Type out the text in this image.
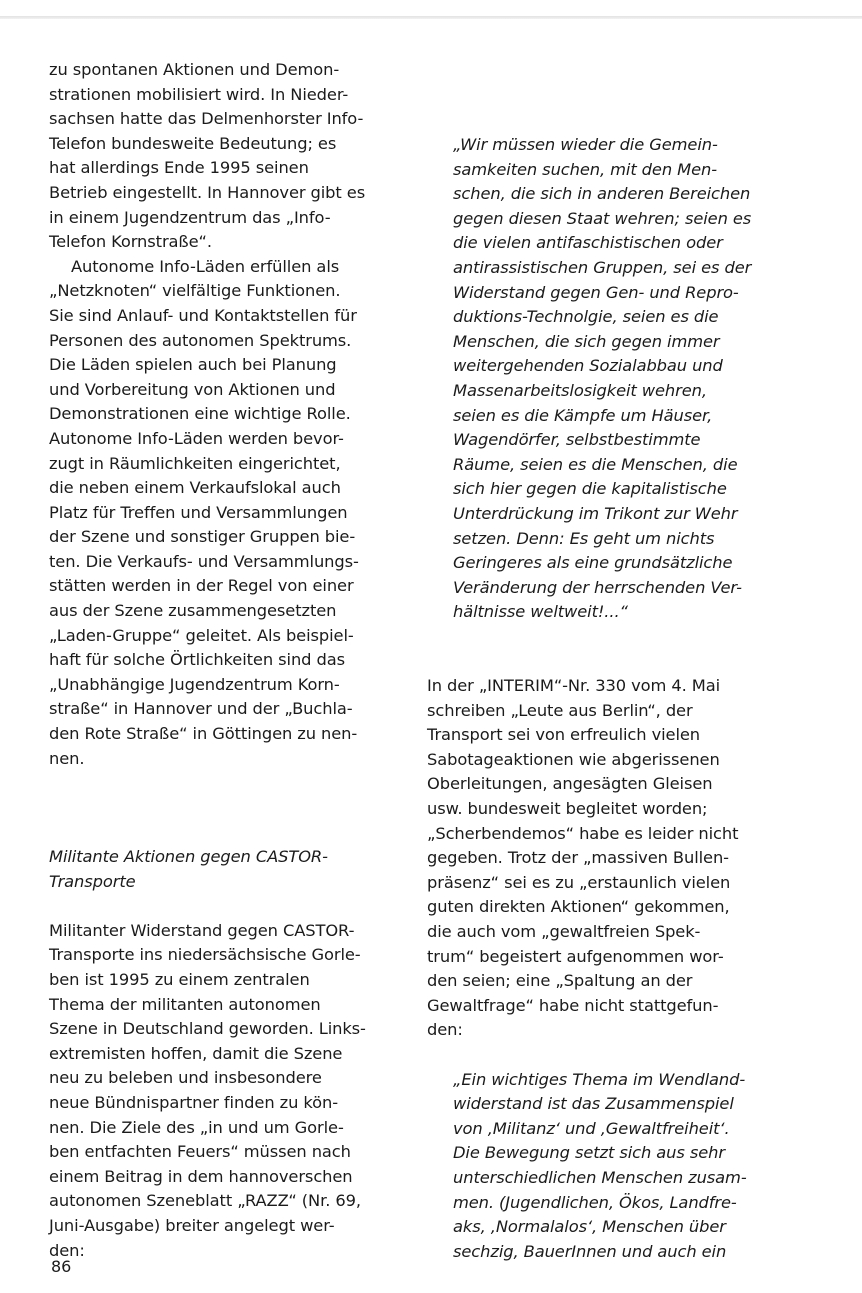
zu spontanen Aktionen und Demon-
strationen mobilisiert wird. In Nieder-
sachsen hatte das Delmenhorster Info-
Telefon bundesweite Bedeutung; es
hat allerdings Ende 1995 seinen
Betrieb eingestellt. In Hannover gibt es
in einem Jugendzentrum das „Info-
Telefon Kornstraße“.
Autonome Info-Läden erfüllen als
„Netzknoten“ vielfältige Funktionen.
Sie sind Anlauf- und Kontaktstellen für
Personen des autonomen Spektrums.
Die Läden spielen auch bei Planung
und Vorbereitung von Aktionen und
Demonstrationen eine wichtige Rolle.
Autonome Info-Läden werden bevor-
zugt in Räumlichkeiten eingerichtet,
die neben einem Verkaufslokal auch
Platz für Treffen und Versammlungen
der Szene und sonstiger Gruppen bie-
ten. Die Verkaufs- und Versammlungs-
stätten werden in der Regel von einer
aus der Szene zusammengesetzten
„Laden-Gruppe“ geleitet. Als beispiel-
haft für solche Örtlichkeiten sind das
„Unabhängige Jugendzentrum Korn-
straße“ in Hannover und der „Buchla-
den Rote Straße“ in Göttingen zu nen-
nen.
Militante Aktionen gegen CASTOR-
Transporte
Militanter Widerstand gegen CASTOR-
Transporte ins niedersächsische Gorle-
ben ist 1995 zu einem zentralen
Thema der militanten autonomen
Szene in Deutschland geworden. Links-
extremisten hoffen, damit die Szene
neu zu beleben und insbesondere
neue Bündnispartner finden zu kön-
nen. Die Ziele des „in und um Gorle-
ben entfachten Feuers“ müssen nach
einem Beitrag in dem hannoverschen
autonomen Szeneblatt „RAZZ“ (Nr. 69,
Juni-Ausgabe) breiter angelegt wer-
den:
„Wir müssen wieder die Gemein-
samkeiten suchen, mit den Men-
schen, die sich in anderen Bereichen
gegen diesen Staat wehren; seien es
die vielen antifaschistischen oder
antirassistischen Gruppen, sei es der
Widerstand gegen Gen- und Repro-
duktions-Technolgie, seien es die
Menschen, die sich gegen immer
weitergehenden Sozialabbau und
Massenarbeitslosigkeit wehren,
seien es die Kämpfe um Häuser,
Wagendörfer, selbstbestimmte
Räume, seien es die Menschen, die
sich hier gegen die kapitalistische
Unterdrückung im Trikont zur Wehr
setzen. Denn: Es geht um nichts
Geringeres als eine grundsätzliche
Veränderung der herrschenden Ver-
hältnisse weltweit!...“
In der „INTERIM“-Nr. 330 vom 4. Mai
schreiben „Leute aus Berlin“, der
Transport sei von erfreulich vielen
Sabotageaktionen wie abgerissenen
Oberleitungen, angesägten Gleisen
usw. bundesweit begleitet worden;
„Scherbendemos“ habe es leider nicht
gegeben. Trotz der „massiven Bullen-
präsenz“ sei es zu „erstaunlich vielen
guten direkten Aktionen“ gekommen,
die auch vom „gewaltfreien Spek-
trum“ begeistert aufgenommen wor-
den seien; eine „Spaltung an der
Gewaltfrage“ habe nicht stattgefun-
den:
„Ein wichtiges Thema im Wendland-
widerstand ist das Zusammenspiel
von ‚Militanz‘ und ‚Gewaltfreiheit‘.
Die Bewegung setzt sich aus sehr
unterschiedlichen Menschen zusam-
men. (Jugendlichen, Ökos, Landfre-
aks, ‚Normalalos‘, Menschen über
sechzig, BauerInnen und auch ein
86
